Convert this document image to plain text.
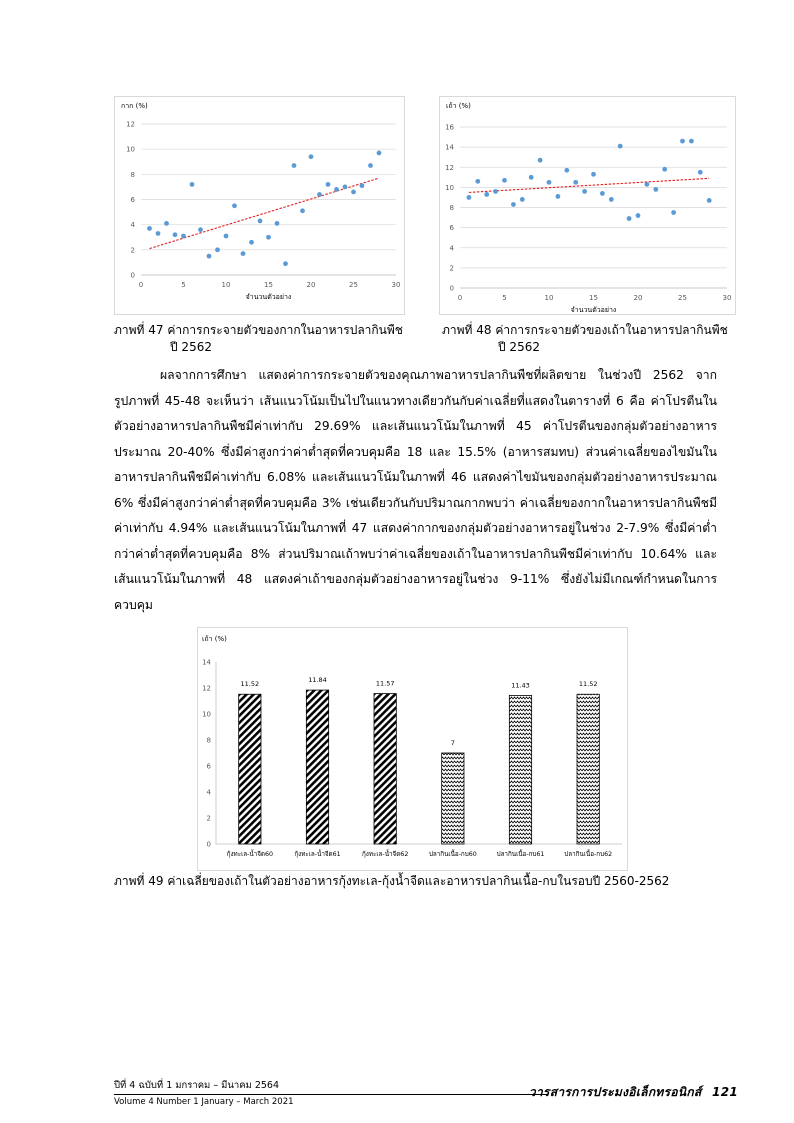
กาก (%)
0
2
4
6
8
10
12
0	5	10	15	20	25	30
จำนวนตัวอย่าง
เถ้า (%)
0
2
4
6
8
10
12
14
16
0	5	10	15	20	25	30
จำนวนตัวอย่าง
ภาพที่ 47 ค่าการกระจายตัวของกากในอาหารปลากินพืช
ปี 2562
ภาพที่ 48 ค่าการกระจายตัวของเถ้าในอาหารปลากินพืช
ปี 2562

ผลจากการศึกษา แสดงค่าการกระจายตัวของคุณภาพอาหารปลากินพืชที่ผลิตขาย ในช่วงปี 2562 จากรูปภาพที่ 45-48 จะเห็นว่า เส้นแนวโน้มเป็นไปในแนวทางเดียวกันกับค่าเฉลี่ยที่แสดงในตารางที่ 6 คือ ค่าโปรตีนในตัวอย่างอาหารปลากินพืชมีค่าเท่ากับ 29.69% และเส้นแนวโน้มในภาพที่ 45 ค่าโปรตีนของกลุ่มตัวอย่างอาหารประมาณ 20-40% ซึ่งมีค่าสูงกว่าค่าต่ำสุดที่ควบคุมคือ 18 และ 15.5% (อาหารสมทบ) ส่วนค่าเฉลี่ยของไขมันในอาหารปลากินพืชมีค่าเท่ากับ 6.08% และเส้นแนวโน้มในภาพที่ 46 แสดงค่าไขมันของกลุ่มตัวอย่างอาหารประมาณ 6% ซึ่งมีค่าสูงกว่าค่าต่ำสุดที่ควบคุมคือ 3% เช่นเดียวกันกับปริมาณกากพบว่า ค่าเฉลี่ยของกากในอาหารปลากินพืชมีค่าเท่ากับ 4.94% และเส้นแนวโน้มในภาพที่ 47 แสดงค่ากากของกลุ่มตัวอย่างอาหารอยู่ในช่วง 2-7.9% ซึ่งมีค่าต่ำกว่าค่าต่ำสุดที่ควบคุมคือ 8% ส่วนปริมาณเถ้าพบว่าค่าเฉลี่ยของเถ้าในอาหารปลากินพืชมีค่าเท่ากับ 10.64% และเส้นแนวโน้มในภาพที่ 48 แสดงค่าเถ้าของกลุ่มตัวอย่างอาหารอยู่ในช่วง 9-11% ซึ่งยังไม่มีเกณฑ์กำหนดในการควบคุม

เถ้า (%)
0
2
4
6
8
10
12
14
11.52
กุ้งทะเล-น้ำจืด60
11.84
กุ้งทะเล-น้ำจืด61
11.57
กุ้งทะเล-น้ำจืด62
7
ปลากินเนื้อ-กบ60
11.43
ปลากินเนื้อ-กบ61
11.52
ปลากินเนื้อ-กบ62
ภาพที่ 49 ค่าเฉลี่ยของเถ้าในตัวอย่างอาหารกุ้งทะเล-กุ้งน้ำจืดและอาหารปลากินเนื้อ-กบในรอบปี 2560-2562
ปีที่ 4 ฉบับที่ 1 มกราคม – มีนาคม 2564
Volume 4 Number 1 January – March 2021
วารสารการประมงอิเล็กทรอนิกส์ 121
